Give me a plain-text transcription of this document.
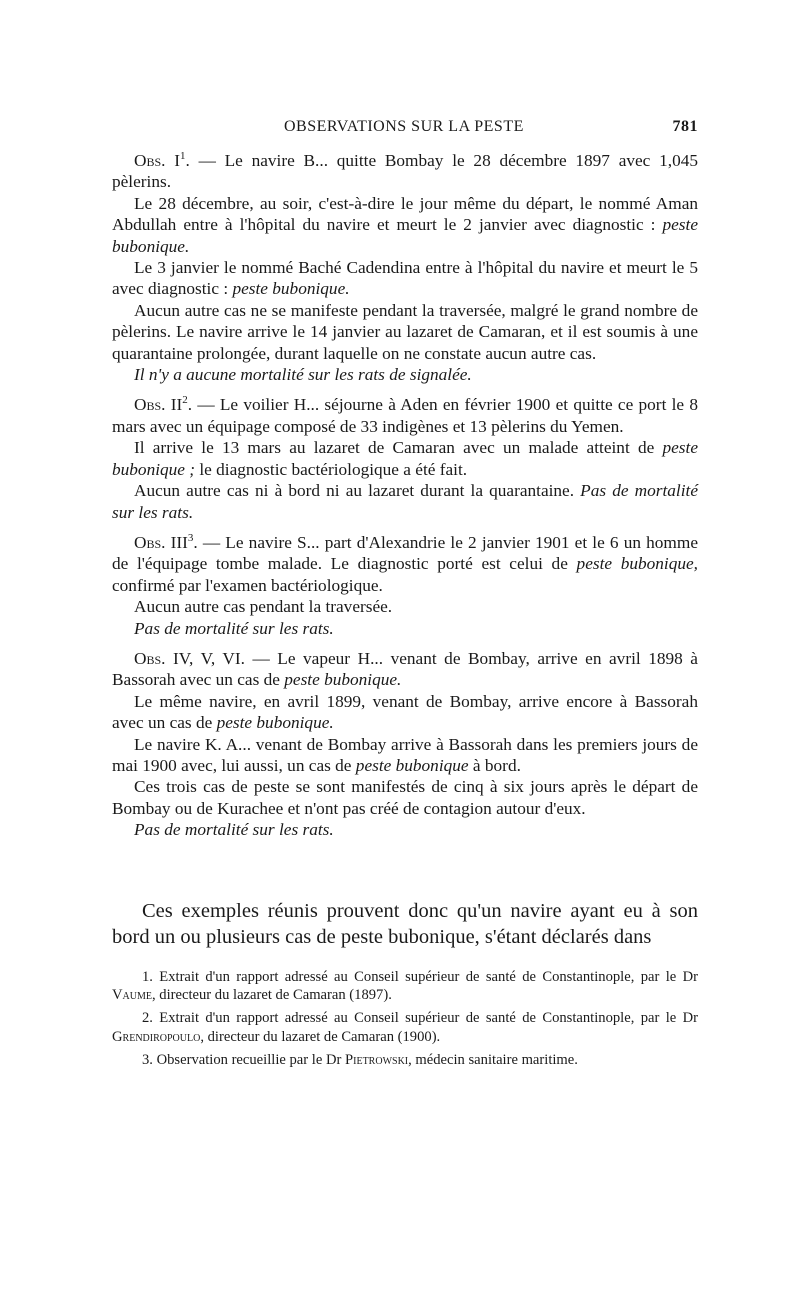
OBSERVATIONS SUR LA PESTE	781

Obs. $I^1$. — Le navire B... quitte Bombay le 28 décembre 1897 avec 1,045 pèlerins.

Le 28 décembre, au soir, c'est-à-dire le jour même du départ, le nommé Aman Abdullah entre à l'hôpital du navire et meurt le 2 janvier avec diagnostic : peste bubonique.

Le 3 janvier le nommé Baché Cadendina entre à l'hôpital du navire et meurt le 5 avec diagnostic : peste bubonique.

Aucun autre cas ne se manifeste pendant la traversée, malgré le grand nombre de pèlerins. Le navire arrive le 14 janvier au lazaret de Camaran, et il est soumis à une quarantaine prolongée, durant laquelle on ne constate aucun autre cas.

Il n'y a aucune mortalité sur les rats de signalée.

Obs. $II^2$. — Le voilier H... séjourne à Aden en février 1900 et quitte ce port le 8 mars avec un équipage composé de 33 indigènes et 13 pèlerins du Yemen.

Il arrive le 13 mars au lazaret de Camaran avec un malade atteint de peste bubonique ; le diagnostic bactériologique a été fait.

Aucun autre cas ni à bord ni au lazaret durant la quarantaine. Pas de mortalité sur les rats.

Obs. III$^3$. — Le navire S... part d'Alexandrie le 2 janvier 1901 et le 6 un homme de l'équipage tombe malade. Le diagnostic porté est celui de peste bubonique, confirmé par l'examen bactériologique.

Aucun autre cas pendant la traversée.

Pas de mortalité sur les rats.

Obs. IV, V, VI. — Le vapeur H... venant de Bombay, arrive en avril 1898 à Bassorah avec un cas de peste bubonique.

Le même navire, en avril 1899, venant de Bombay, arrive encore à Bassorah avec un cas de peste bubonique.

Le navire K. A... venant de Bombay arrive à Bassorah dans les premiers jours de mai 1900 avec, lui aussi, un cas de peste bubonique à bord.

Ces trois cas de peste se sont manifestés de cinq à six jours après le départ de Bombay ou de Kurachee et n'ont pas créé de contagion autour d'eux.

Pas de mortalité sur les rats.

Ces exemples réunis prouvent donc qu'un navire ayant eu à son bord un ou plusieurs cas de peste bubonique, s'étant déclarés dans

1. Extrait d'un rapport adressé au Conseil supérieur de santé de Constantinople, par le Dr Vaume, directeur du lazaret de Camaran (1897).

2. Extrait d'un rapport adressé au Conseil supérieur de santé de Constantinople, par le Dr Grendiropoulo, directeur du lazaret de Camaran (1900).

3. Observation recueillie par le Dr Pietrowski, médecin sanitaire maritime.
